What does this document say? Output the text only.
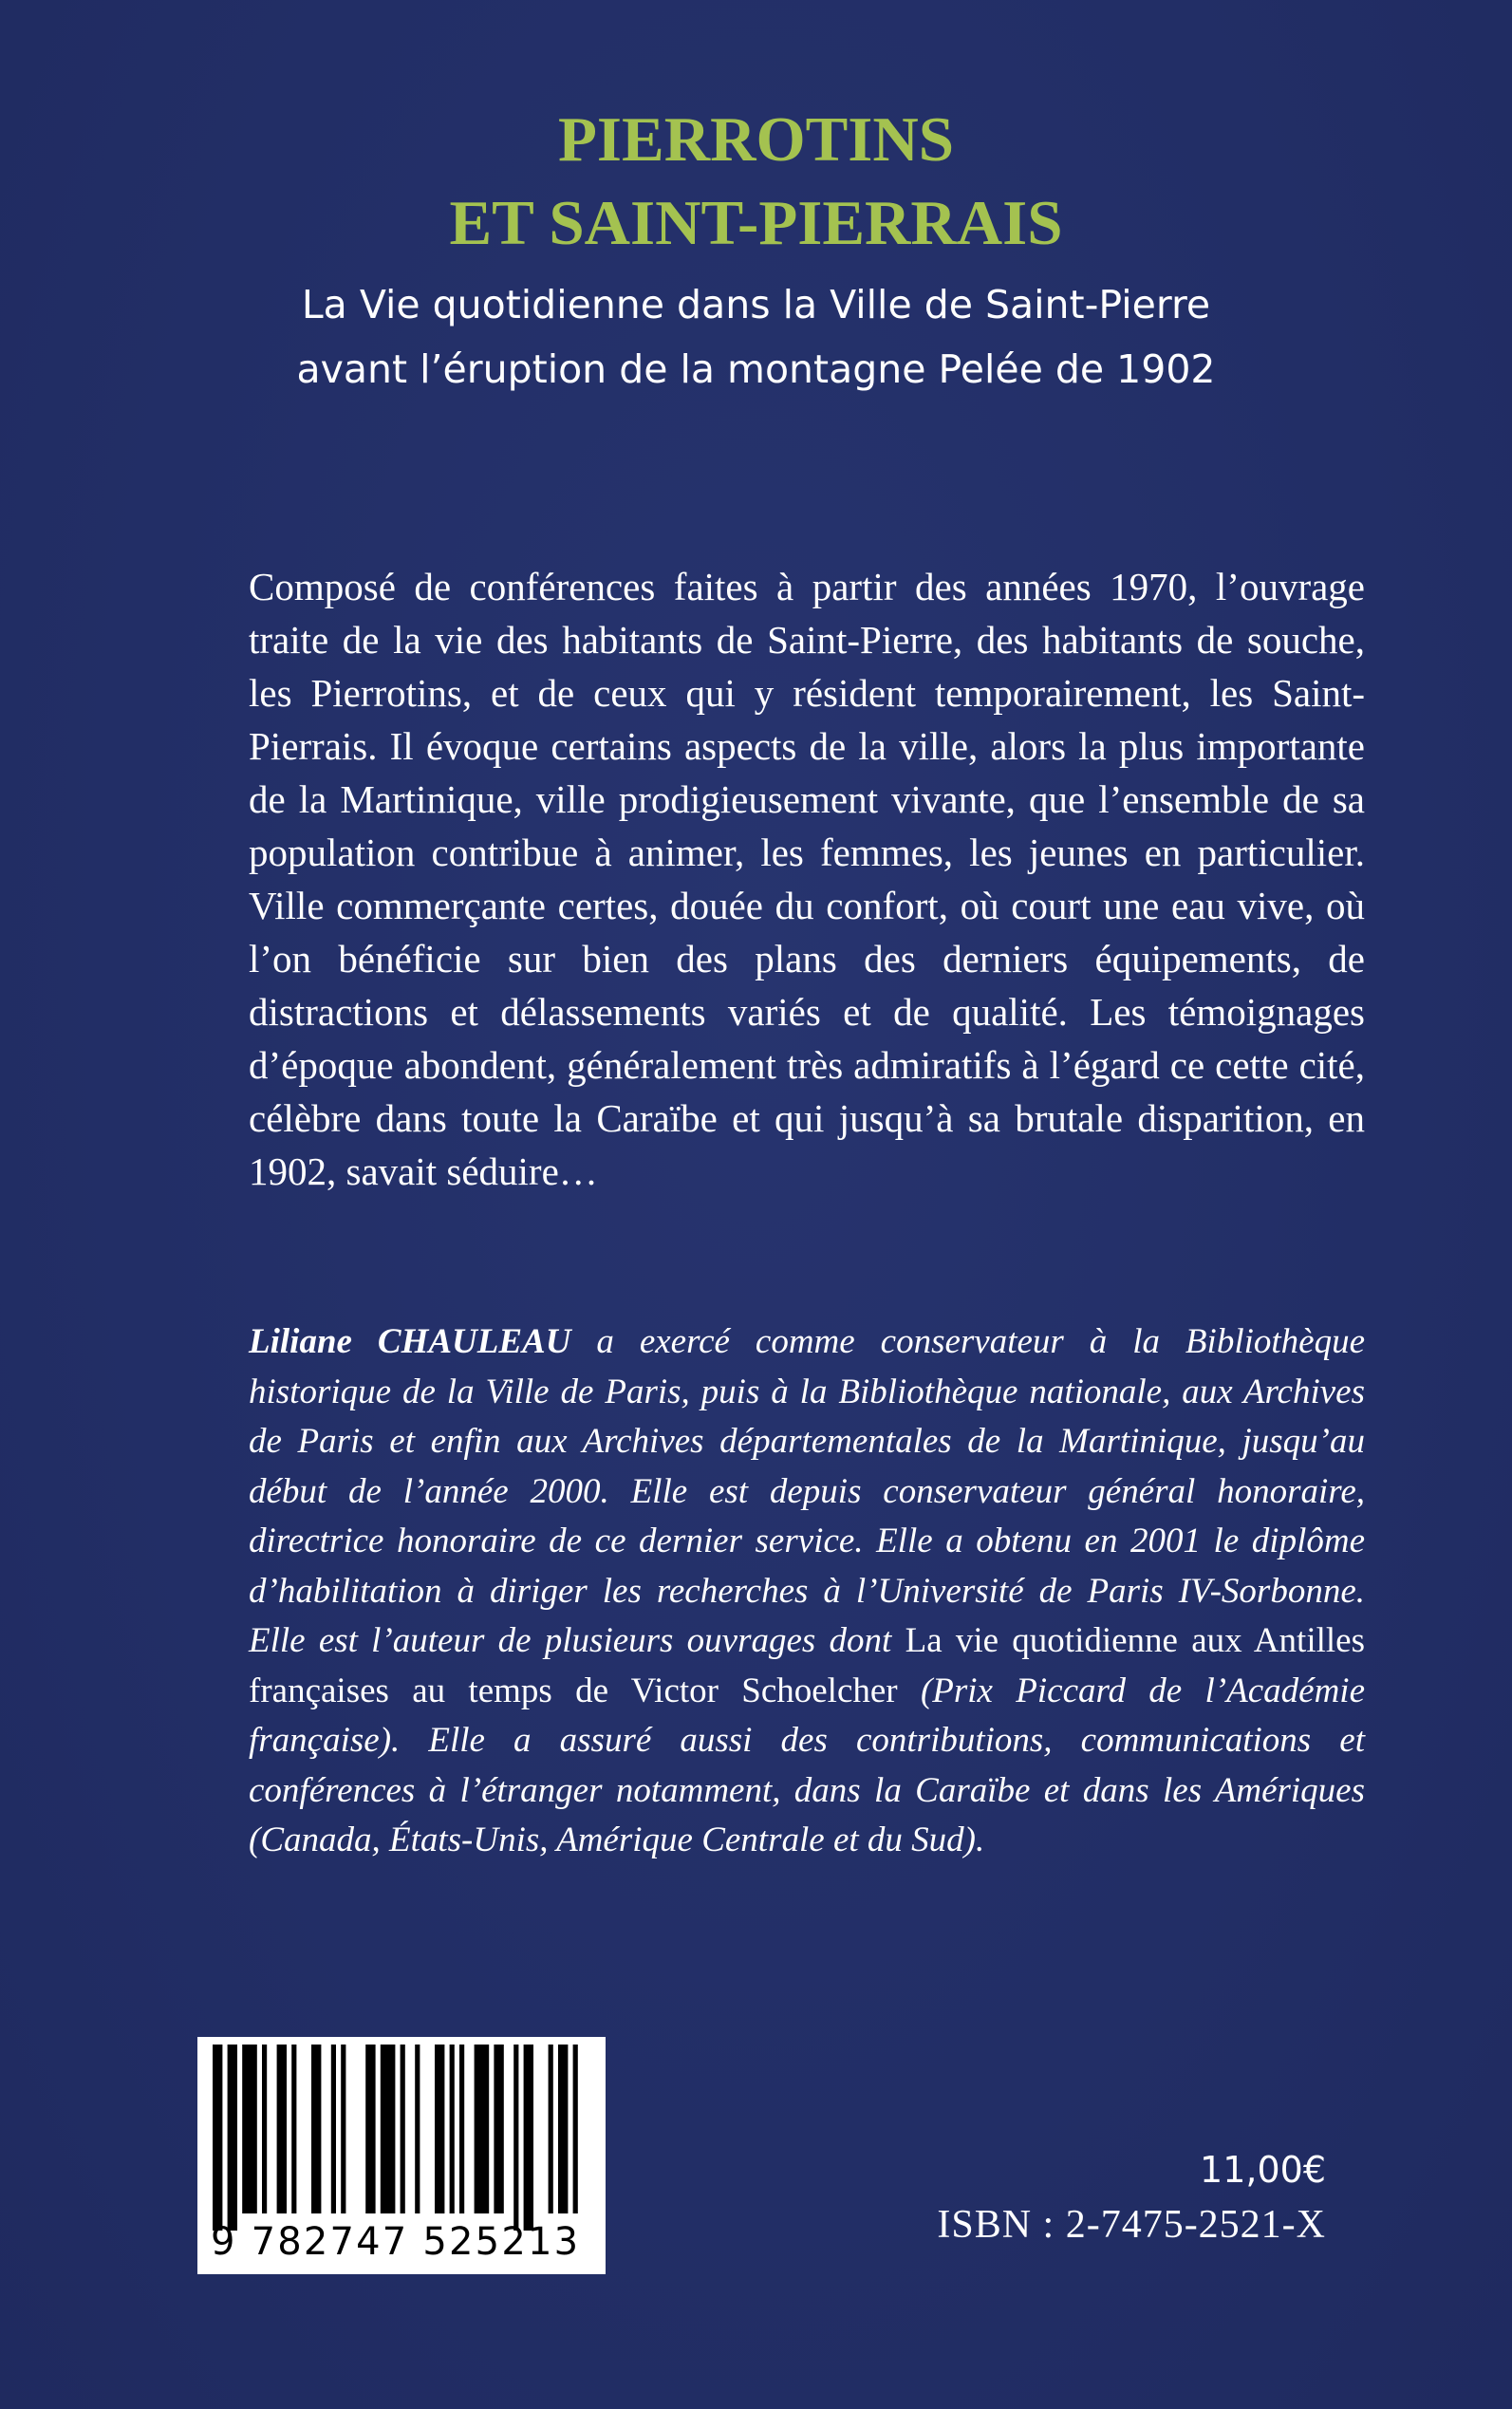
PIERROTINS
ET SAINT-PIERRAIS

La Vie quotidienne dans la Ville de Saint-Pierre

avant l’éruption de la montagne Pelée de 1902

Composé de conférences faites à partir des années 1970, l’ouvrage traite de la vie des habitants de Saint-Pierre, des habitants de souche, les Pierrotins, et de ceux qui y résident temporairement, les Saint-Pierrais. Il évoque certains aspects de la ville, alors la plus importante de la Martinique, ville prodigieusement vivante, que l’ensemble de sa population contribue à animer, les femmes, les jeunes en particulier. Ville commerçante certes, douée du confort, où court une eau vive, où l’on bénéficie sur bien des plans des derniers équipements, de distractions et délassements variés et de qualité. Les témoignages d’époque abondent, généralement très admiratifs à l’égard ce cette cité, célèbre dans toute la Caraïbe et qui jusqu’à sa brutale disparition, en 1902, savait séduire…

Liliane CHAULEAU a exercé comme conservateur à la Bibliothèque historique de la Ville de Paris, puis à la Bibliothèque nationale, aux Archives de Paris et enfin aux Archives départementales de la Martinique, jusqu’au début de l’année 2000. Elle est depuis conservateur général honoraire, directrice honoraire de ce dernier service. Elle a obtenu en 2001 le diplôme d’habilitation à diriger les recherches à l’Université de Paris IV-Sorbonne. Elle est l’auteur de plusieurs ouvrages dont La vie quotidienne aux Antilles françaises au temps de Victor Schoelcher (Prix Piccard de l’Académie française). Elle a assuré aussi des contributions, communications et conférences à l’étranger notamment, dans la Caraïbe et dans les Amériques (Canada, États-Unis, Amérique Centrale et du Sud).

9 782747 525213

11,00€

ISBN : 2-7475-2521-X
